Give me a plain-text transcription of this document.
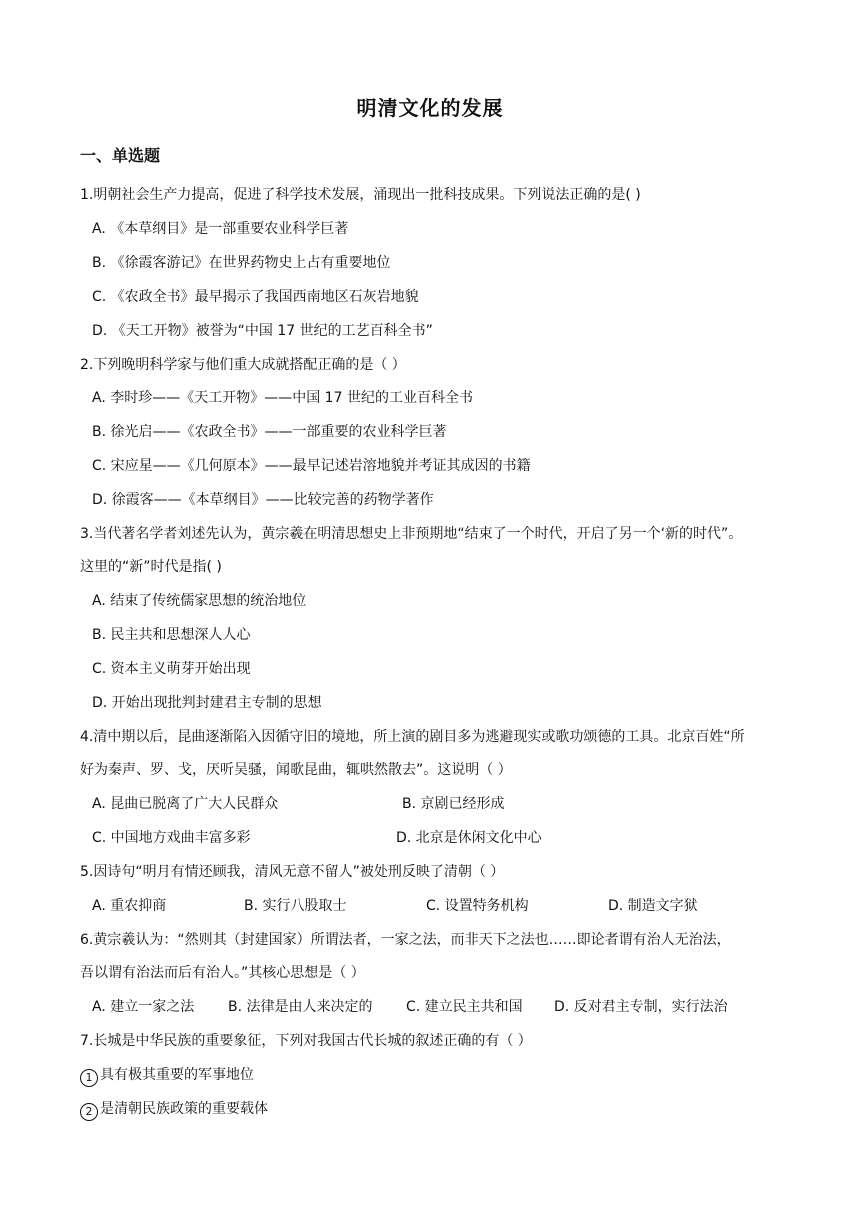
明清文化的发展
一、单选题
1.明朝社会生产力提高，促进了科学技术发展，涌现出一批科技成果。下列说法正确的是( )
A. 《本草纲目》是一部重要农业科学巨著
B. 《徐霞客游记》在世界药物史上占有重要地位
C. 《农政全书》最早揭示了我国西南地区石灰岩地貌
D. 《天工开物》被誉为“中国 17 世纪的工艺百科全书”
2.下列晚明科学家与他们重大成就搭配正确的是（ ）
A. 李时珍——《天工开物》——中国 17 世纪的工业百科全书
B. 徐光启——《农政全书》——一部重要的农业科学巨著
C. 宋应星——《几何原本》——最早记述岩溶地貌并考证其成因的书籍
D. 徐霞客——《本草纲目》——比较完善的药物学著作
3.当代著名学者刘述先认为，黄宗羲在明清思想史上非预期地“结束了一个时代，开启了另一个‘新的时代”。
这里的“新”时代是指( )
A. 结束了传统儒家思想的统治地位
B. 民主共和思想深人人心
C. 资本主义萌芽开始出现
D. 开始出现批判封建君主专制的思想
4.清中期以后，昆曲逐渐陷入因循守旧的境地，所上演的剧目多为逃避现实或歌功颂德的工具。北京百姓“所
好为秦声、罗、戈，厌听吴骚，闻歌昆曲，辄哄然散去”。这说明（ ）
A. 昆曲已脱离了广大人民群众	B. 京剧已经形成
C. 中国地方戏曲丰富多彩	D. 北京是休闲文化中心
5.因诗句“明月有情还顾我，清风无意不留人”被处刑反映了清朝（ ）
A. 重农抑商	B. 实行八股取士	C. 设置特务机构	D. 制造文字狱
6.黄宗羲认为：“然则其（封建国家）所谓法者，一家之法，而非天下之法也……即论者谓有治人无治法，
吾以谓有治法而后有治人。”其核心思想是（ ）
A. 建立一家之法 B. 法律是由人来决定的 C. 建立民主共和国 D. 反对君主专制，实行法治
7.长城是中华民族的重要象征，下列对我国古代长城的叙述正确的有（ ）
1 具有极其重要的军事地位
2 是清朝民族政策的重要载体
